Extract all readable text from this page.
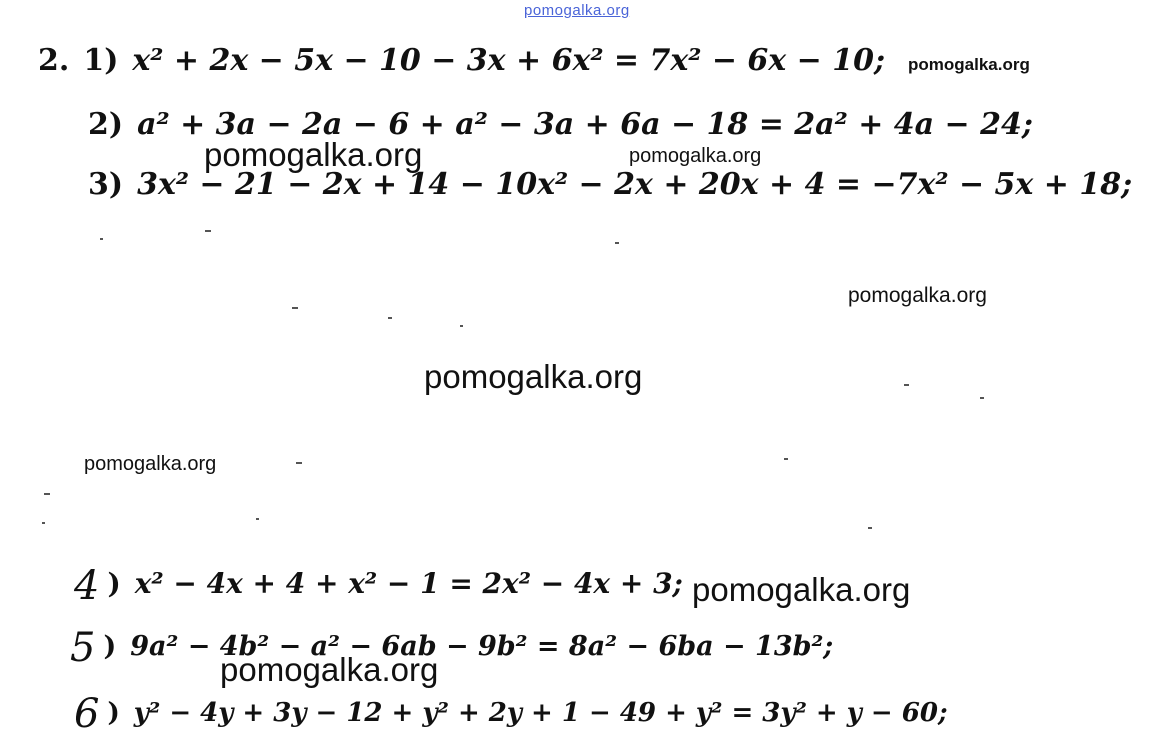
pomogalka.org
2. 1) x² + 2x − 5x − 10 − 3x + 6x² = 7x² − 6x − 10;
2) a² + 3a − 2a − 6 + a² − 3a + 6a − 18 = 2a² + 4a − 24;
3) 3x² − 21 − 2x + 14 − 10x² − 2x + 20x + 4 = −7x² − 5x + 18;
4 ) x² − 4x + 4 + x² − 1 = 2x² − 4x + 3;
5 ) 9a² − 4b² − a² − 6ab − 9b² = 8a² − 6ba − 13b²;
6 ) y² − 4y + 3y − 12 + y² + 2y + 1 − 49 + y² = 3y² + y − 60;
pomogalka.org
pomogalka.org	pomogalka.org
pomogalka.org
pomogalka.org
pomogalka.org
pomogalka.org
pomogalka.org
